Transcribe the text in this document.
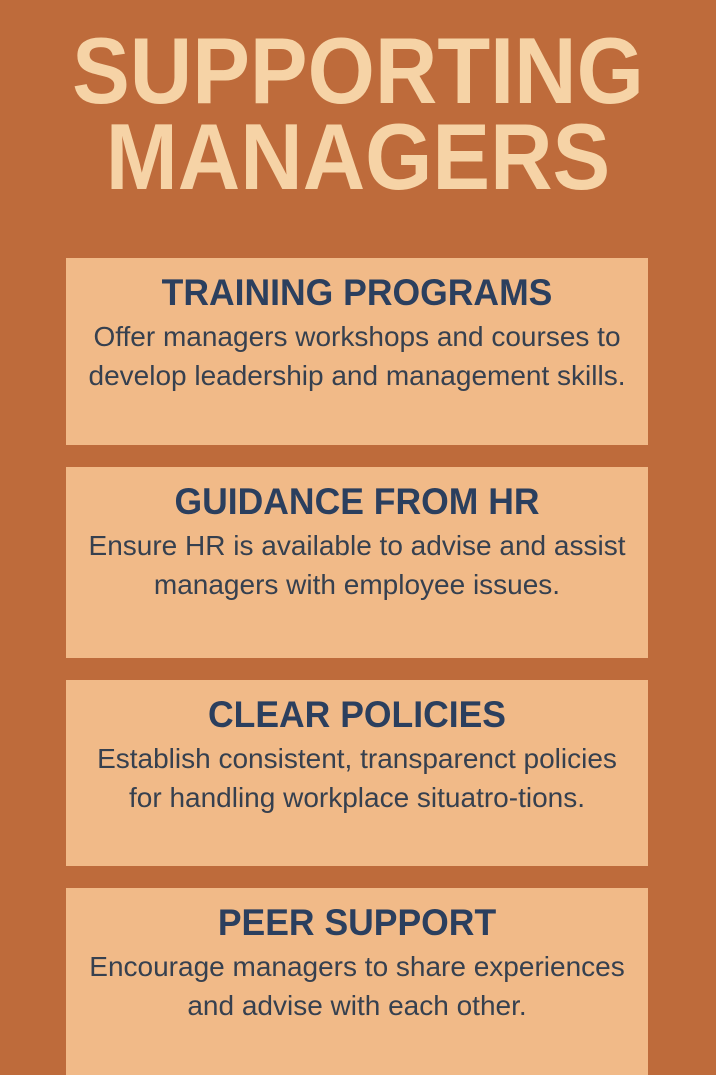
SUPPORTING
MANAGERS
TRAINING PROGRAMS
Offer managers workshops and courses to develop leadership and management skills.
GUIDANCE FROM HR
Ensure HR is available to advise and assist managers with employee issues.
CLEAR POLICIES
Establish consistent, transparenct policies for handling workplace situatro-tions.
PEER SUPPORT
Encourage managers to share experiences and advise with each other.
